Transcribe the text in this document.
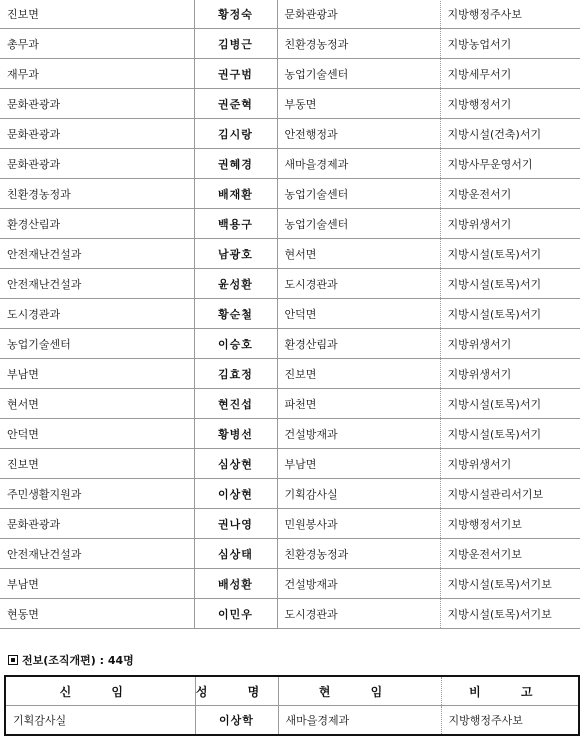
진보면	황정숙	문화관광과	지방행정주사보
총무과	김병근	친환경농정과	지방농업서기
재무과	권구범	농업기술센터	지방세무서기
문화관광과	권준혁	부동면	지방행정서기
문화관광과	김시랑	안전행정과	지방시설(건축)서기
문화관광과	권혜경	새마을경제과	지방사무운영서기
친환경농정과	배재환	농업기술센터	지방운전서기
환경산림과	백용구	농업기술센터	지방위생서기
안전재난건설과	남광호	현서면	지방시설(토목)서기
안전재난건설과	윤성환	도시경관과	지방시설(토목)서기
도시경관과	황순철	안덕면	지방시설(토목)서기
농업기술센터	이승호	환경산림과	지방위생서기
부남면	김효정	진보면	지방위생서기
현서면	현진섭	파천면	지방시설(토목)서기
안덕면	황병선	건설방재과	지방시설(토목)서기
진보면	심상현	부남면	지방위생서기
주민생활지원과	이상현	기획감사실	지방시설관리서기보
문화관광과	권나영	민원봉사과	지방행정서기보
안전재난건설과	심상태	친환경농정과	지방운전서기보
부남면	배성환	건설방재과	지방시설(토목)서기보
현동면	이민우	도시경관과	지방시설(토목)서기보
전보(조직개편) : 44명
신 임	성 명	현 임	비 고
기획감사실	이상학	새마을경제과	지방행정주사보
